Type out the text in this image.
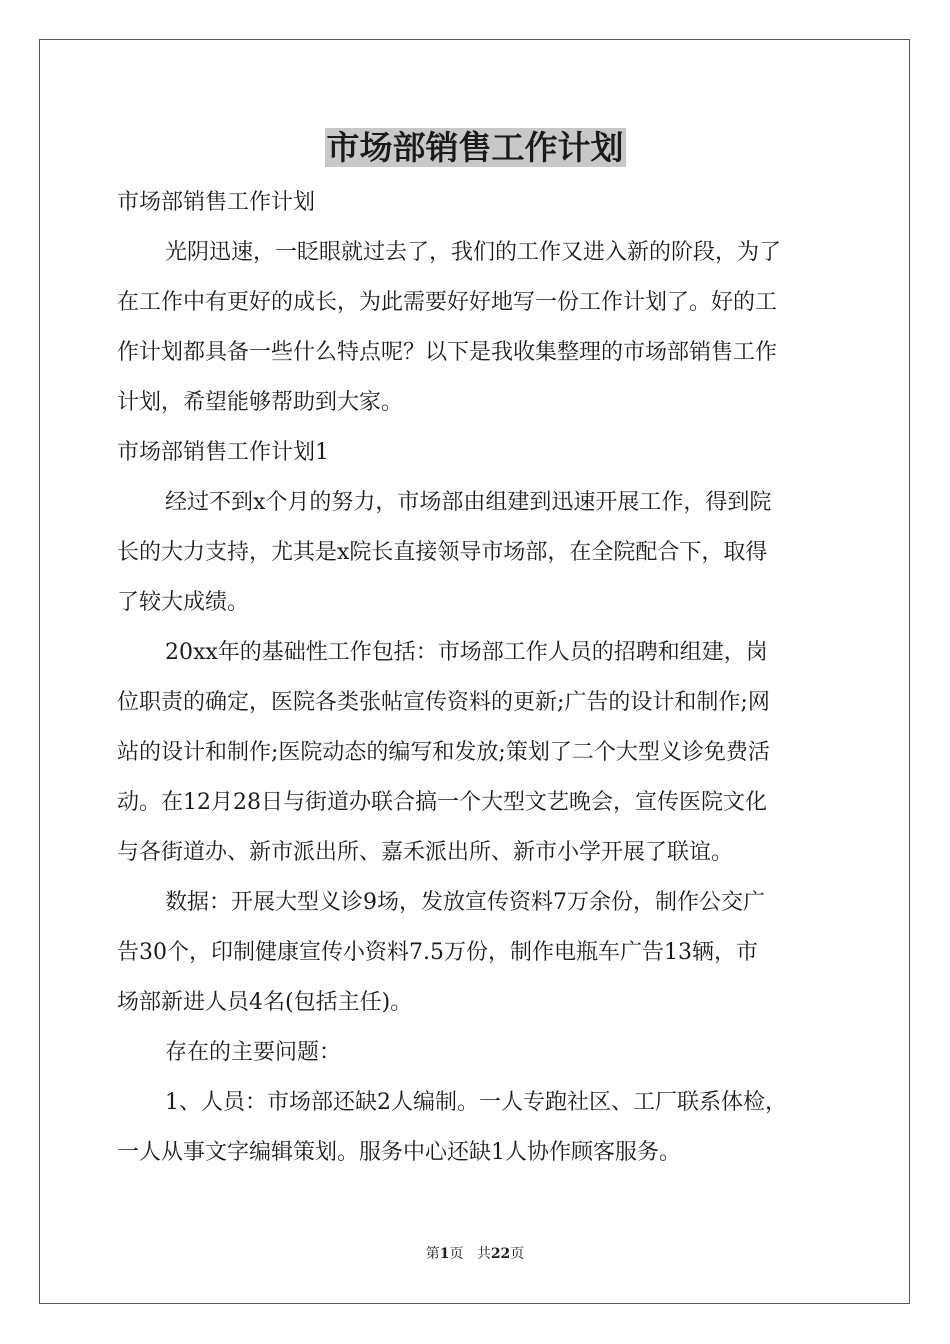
市场部销售工作计划

市场部销售工作计划

光阴迅速，一眨眼就过去了，我们的工作又进入新的阶段，为了

在工作中有更好的成长，为此需要好好地写一份工作计划了。好的工

作计划都具备一些什么特点呢？以下是我收集整理的市场部销售工作

计划，希望能够帮助到大家。

市场部销售工作计划1

经过不到x个月的努力，市场部由组建到迅速开展工作，得到院

长的大力支持，尤其是x院长直接领导市场部，在全院配合下，取得

了较大成绩。

20xx年的基础性工作包括：市场部工作人员的招聘和组建，岗

位职责的确定，医院各类张帖宣传资料的更新;广告的设计和制作;网

站的设计和制作;医院动态的编写和发放;策划了二个大型义诊免费活

动。在12月28日与街道办联合搞一个大型文艺晚会，宣传医院文化

与各街道办、新市派出所、嘉禾派出所、新市小学开展了联谊。

数据：开展大型义诊9场，发放宣传资料7万余份，制作公交广

告30个，印制健康宣传小资料7.5万份，制作电瓶车广告13辆，市

场部新进人员4名(包括主任)。

存在的主要问题：

1、人员：市场部还缺2人编制。一人专跑社区、工厂联系体检，

一人从事文字编辑策划。服务中心还缺1人协作顾客服务。

第1页 共22页
